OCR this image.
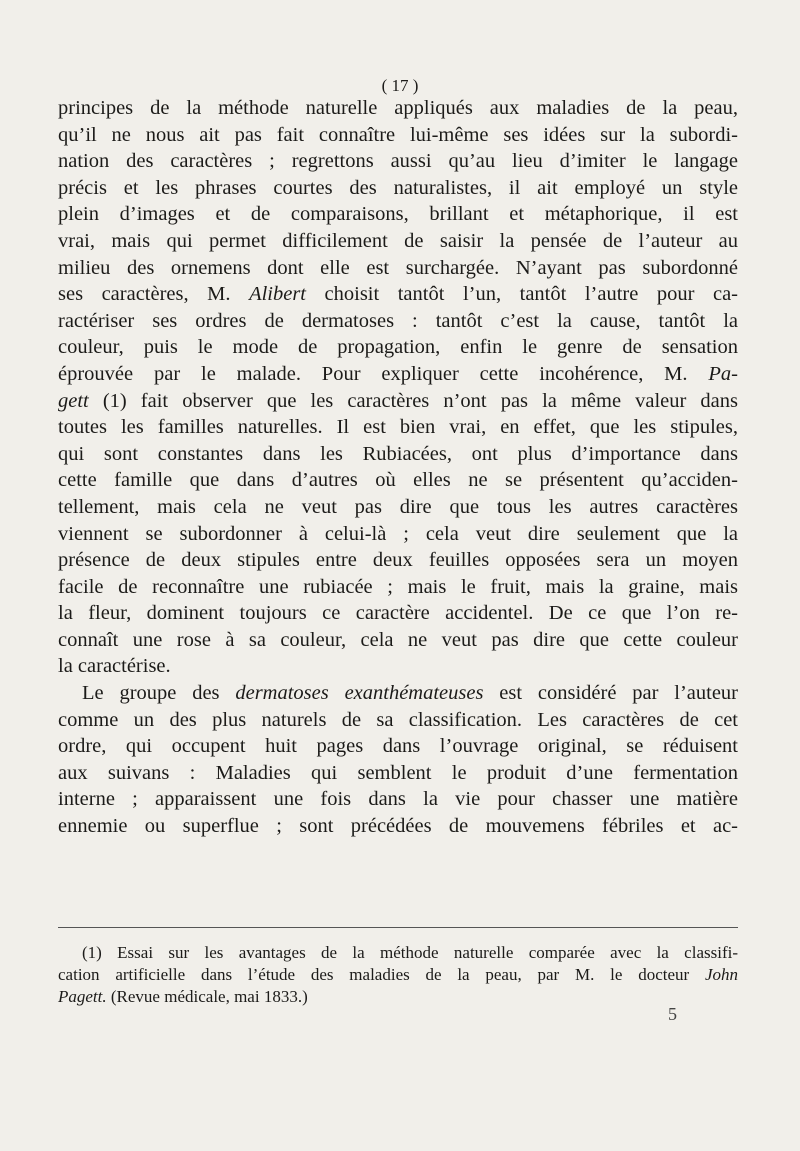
( 17 )
principes de la méthode naturelle appliqués aux maladies de la peau,
qu’il ne nous ait pas fait connaître lui-même ses idées sur la subordi-
nation des caractères ; regrettons aussi qu’au lieu d’imiter le langage
précis et les phrases courtes des naturalistes, il ait employé un style
plein d’images et de comparaisons, brillant et métaphorique, il est
vrai, mais qui permet difficilement de saisir la pensée de l’auteur au
milieu des ornemens dont elle est surchargée. N’ayant pas subordonné
ses caractères, M. Alibert choisit tantôt l’un, tantôt l’autre pour ca-
ractériser ses ordres de dermatoses : tantôt c’est la cause, tantôt la
couleur, puis le mode de propagation, enfin le genre de sensation
éprouvée par le malade. Pour expliquer cette incohérence, M. Pa-
gett (1) fait observer que les caractères n’ont pas la même valeur dans
toutes les familles naturelles. Il est bien vrai, en effet, que les stipules,
qui sont constantes dans les Rubiacées, ont plus d’importance dans
cette famille que dans d’autres où elles ne se présentent qu’acciden-
tellement, mais cela ne veut pas dire que tous les autres caractères
viennent se subordonner à celui-là ; cela veut dire seulement que la
présence de deux stipules entre deux feuilles opposées sera un moyen
facile de reconnaître une rubiacée ; mais le fruit, mais la graine, mais
la fleur, dominent toujours ce caractère accidentel. De ce que l’on re-
connaît une rose à sa couleur, cela ne veut pas dire que cette couleur
la caractérise.
Le groupe des dermatoses exanthémateuses est considéré par l’auteur
comme un des plus naturels de sa classification. Les caractères de cet
ordre, qui occupent huit pages dans l’ouvrage original, se réduisent
aux suivans : Maladies qui semblent le produit d’une fermentation
interne ; apparaissent une fois dans la vie pour chasser une matière
ennemie ou superflue ; sont précédées de mouvemens fébriles et ac-
(1) Essai sur les avantages de la méthode naturelle comparée avec la classifi-
cation artificielle dans l’étude des maladies de la peau, par M. le docteur John
Pagett. (Revue médicale, mai 1833.)
5
